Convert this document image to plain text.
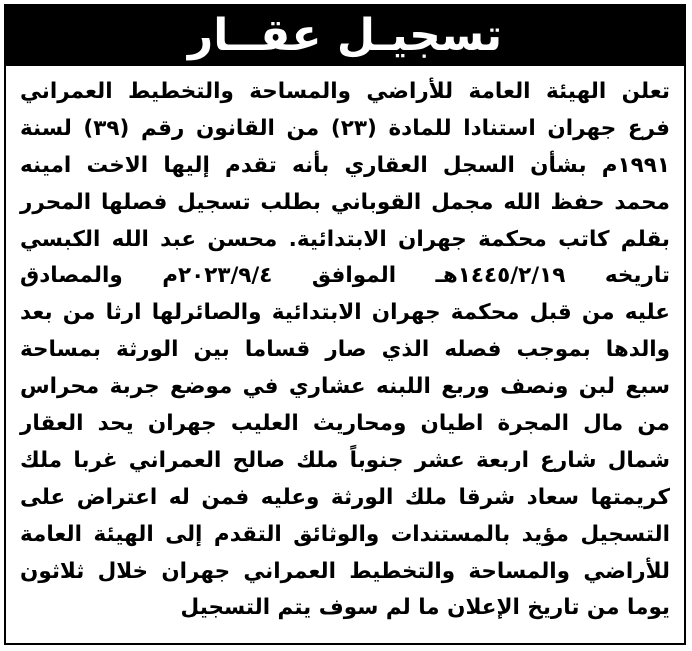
تسجيـل عقــار
تعلن الهيئة العامة للأراضي والمساحة والتخطيط العمراني
فرع جهران استنادا للمادة (٢٣) من القانون رقم (٣٩) لسنة
١٩٩١م بشأن السجل العقاري بأنه تقدم إليها الاخت امينه
محمد حفظ الله مجمل القوباني بطلب تسجيل فصلها المحرر
بقلم كاتب محكمة جهران الابتدائية. محسن عبد الله الكبسي
تاريخه ١٤٤٥/٢/١٩هـ الموافق ٢٠٢٣/٩/٤م والمصادق
عليه من قبل محكمة جهران الابتدائية والصائرلها ارثا من بعد
والدها بموجب فصله الذي صار قساما بين الورثة بمساحة
سبع لبن ونصف وربع اللبنه عشاري في موضع جربة محراس
من مال المجرة اطيان ومحاريث العليب جهران يحد العقار
شمال شارع اربعة عشر جنوباً ملك صالح العمراني غربا ملك
كريمتها سعاد شرقا ملك الورثة وعليه فمن له اعتراض على
التسجيل مؤيد بالمستندات والوثائق التقدم إلى الهيئة العامة
للأراضي والمساحة والتخطيط العمراني جهران خلال ثلاثون
يوما من تاريخ الإعلان ما لم سوف يتم التسجيل
